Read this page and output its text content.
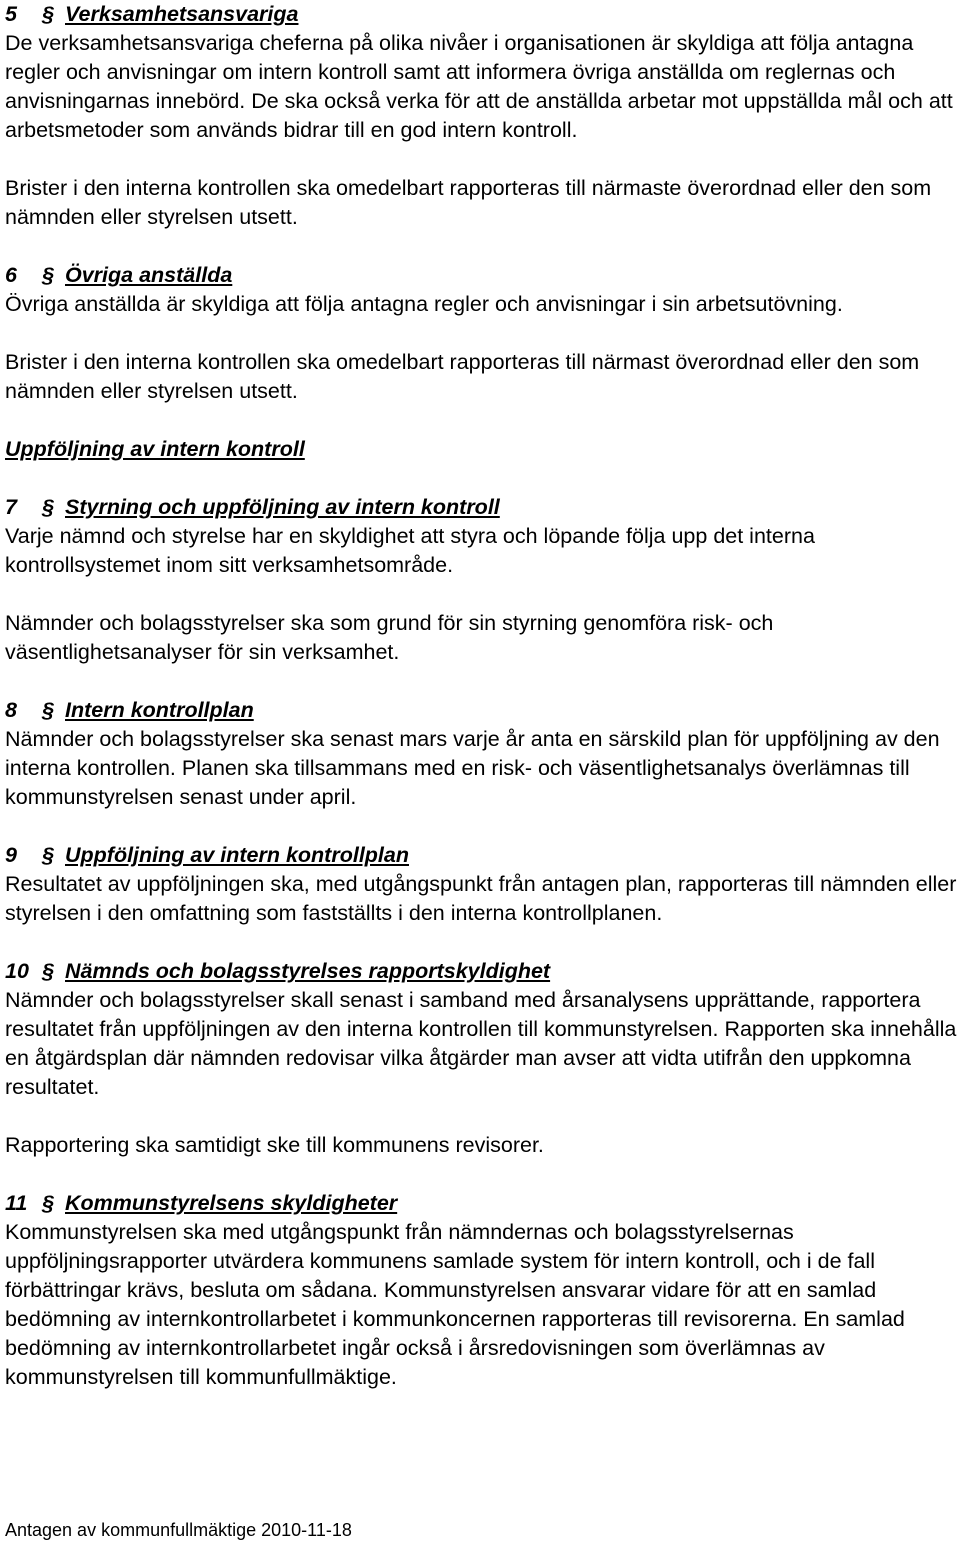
5 § Verksamhetsansvariga

De verksamhetsansvariga cheferna på olika nivåer i organisationen är skyldiga att följa antagna regler och anvisningar om intern kontroll samt att informera övriga anställda om reglernas och anvisningarnas innebörd. De ska också verka för att de anställda arbetar mot uppställda mål och att arbetsmetoder som används bidrar till en god intern kontroll.

Brister i den interna kontrollen ska omedelbart rapporteras till närmaste överordnad eller den som nämnden eller styrelsen utsett.

6 § Övriga anställda

Övriga anställda är skyldiga att följa antagna regler och anvisningar i sin arbetsutövning.

Brister i den interna kontrollen ska omedelbart rapporteras till närmast överordnad eller den som nämnden eller styrelsen utsett.

Uppföljning av intern kontroll

7 § Styrning och uppföljning av intern kontroll

Varje nämnd och styrelse har en skyldighet att styra och löpande följa upp det interna kontrollsystemet inom sitt verksamhetsområde.

Nämnder och bolagsstyrelser ska som grund för sin styrning genomföra risk- och väsentlighetsanalyser för sin verksamhet.

8 § Intern kontrollplan

Nämnder och bolagsstyrelser ska senast mars varje år anta en särskild plan för uppföljning av den interna kontrollen. Planen ska tillsammans med en risk- och väsentlighetsanalys överlämnas till kommunstyrelsen senast under april.

9 § Uppföljning av intern kontrollplan

Resultatet av uppföljningen ska, med utgångspunkt från antagen plan, rapporteras till nämnden eller styrelsen i den omfattning som fastställts i den interna kontrollplanen.

10 § Nämnds och bolagsstyrelses rapportskyldighet

Nämnder och bolagsstyrelser skall senast i samband med årsanalysens upprättande, rapportera resultatet från uppföljningen av den interna kontrollen till kommunstyrelsen. Rapporten ska innehålla en åtgärdsplan där nämnden redovisar vilka åtgärder man avser att vidta utifrån den uppkomna resultatet.

Rapportering ska samtidigt ske till kommunens revisorer.

11 § Kommunstyrelsens skyldigheter

Kommunstyrelsen ska med utgångspunkt från nämndernas och bolagsstyrelsernas uppföljningsrapporter utvärdera kommunens samlade system för intern kontroll, och i de fall förbättringar krävs, besluta om sådana. Kommunstyrelsen ansvarar vidare för att en samlad bedömning av internkontrollarbetet i kommunkoncernen rapporteras till revisorerna. En samlad bedömning av internkontrollarbetet ingår också i årsredovisningen som överlämnas av kommunstyrelsen till kommunfullmäktige.

Antagen av kommunfullmäktige 2010-11-18
